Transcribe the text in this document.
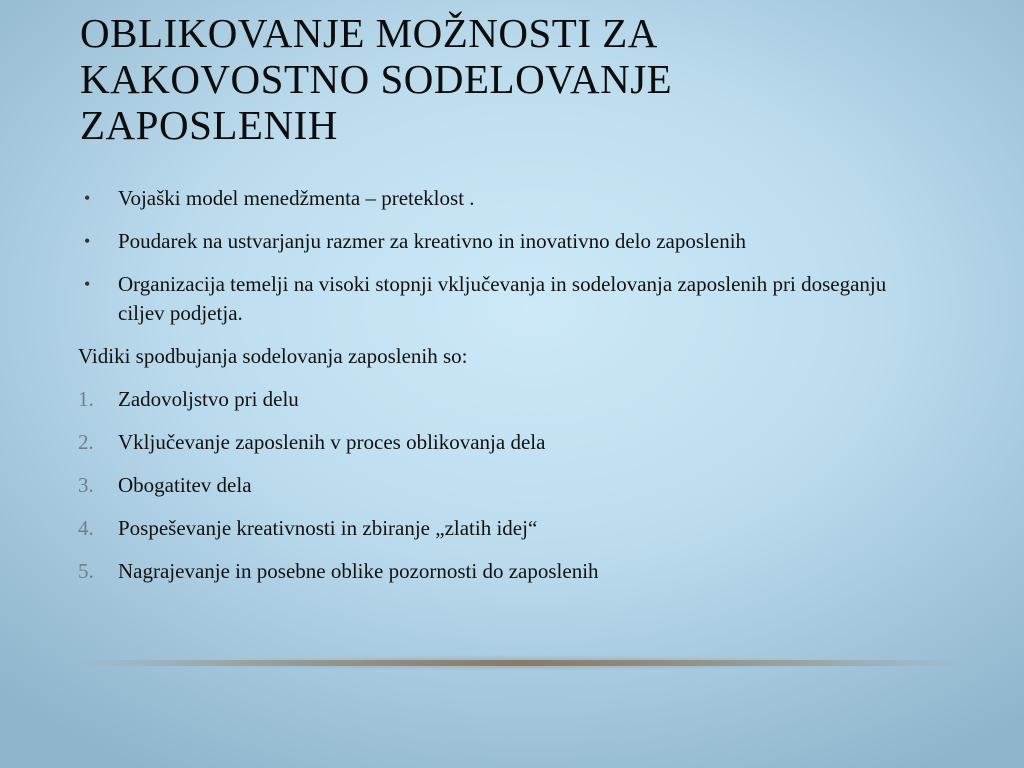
OBLIKOVANJE MOŽNOSTI ZA
KAKOVOSTNO SODELOVANJE
ZAPOSLENIH
•	Vojaški model menedžmenta – preteklost .
•	Poudarek na ustvarjanju razmer za kreativno in inovativno delo zaposlenih
•	Organizacija temelji na visoki stopnji vključevanja in sodelovanja zaposlenih pri doseganju ciljev podjetja.
Vidiki spodbujanja sodelovanja zaposlenih so:
1.	Zadovoljstvo pri delu
2.	Vključevanje zaposlenih v proces oblikovanja dela
3.	Obogatitev dela
4.	Pospeševanje kreativnosti in zbiranje „zlatih idej“
5.	Nagrajevanje in posebne oblike pozornosti do zaposlenih
